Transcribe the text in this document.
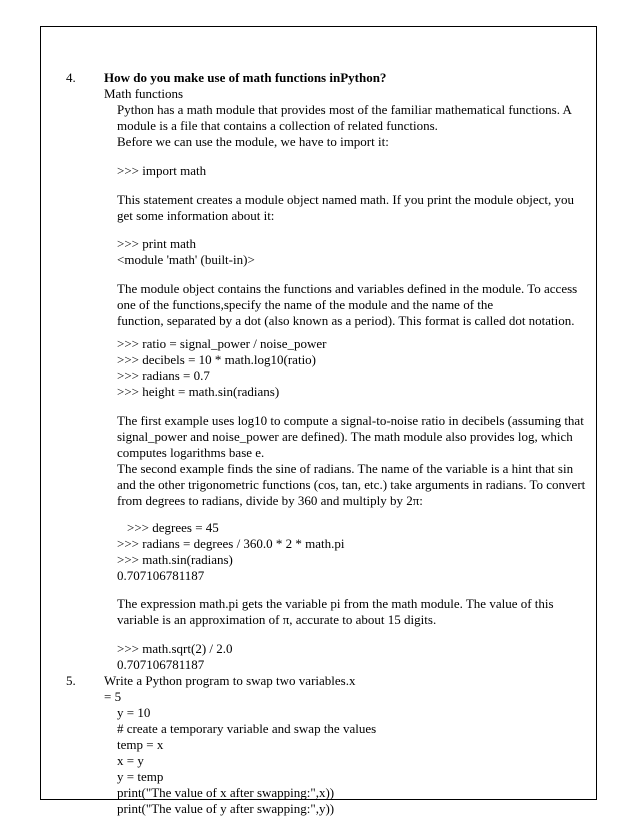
4. How do you make use of math functions inPython?
Math functions
Python has a math module that provides most of the familiar mathematical functions. A
module is a file that contains a collection of related functions.
Before we can use the module, we have to import it:
>>> import math
This statement creates a module object named math. If you print the module object, you
get some information about it:
>>> print math
<module 'math' (built-in)>
The module object contains the functions and variables defined in the module. To access
one of the functions,specify the name of the module and the name of the
function, separated by a dot (also known as a period). This format is called dot notation.
>>> ratio = signal_power / noise_power
>>> decibels = 10 * math.log10(ratio)
>>> radians = 0.7
>>> height = math.sin(radians)
The first example uses log10 to compute a signal-to-noise ratio in decibels (assuming that
signal_power and noise_power are defined). The math module also provides log, which
computes logarithms base e.
The second example finds the sine of radians. The name of the variable is a hint that sin
and the other trigonometric functions (cos, tan, etc.) take arguments in radians. To convert
from degrees to radians, divide by 360 and multiply by 2π:
>>> degrees = 45
>>> radians = degrees / 360.0 * 2 * math.pi
>>> math.sin(radians)
0.707106781187
The expression math.pi gets the variable pi from the math module. The value of this
variable is an approximation of π, accurate to about 15 digits.
>>> math.sqrt(2) / 2.0
0.707106781187
5. Write a Python program to swap two variables.x
= 5
y = 10
# create a temporary variable and swap the values
temp = x
x = y
y = temp
print("The value of x after swapping:",x))
print("The value of y after swapping:",y))
